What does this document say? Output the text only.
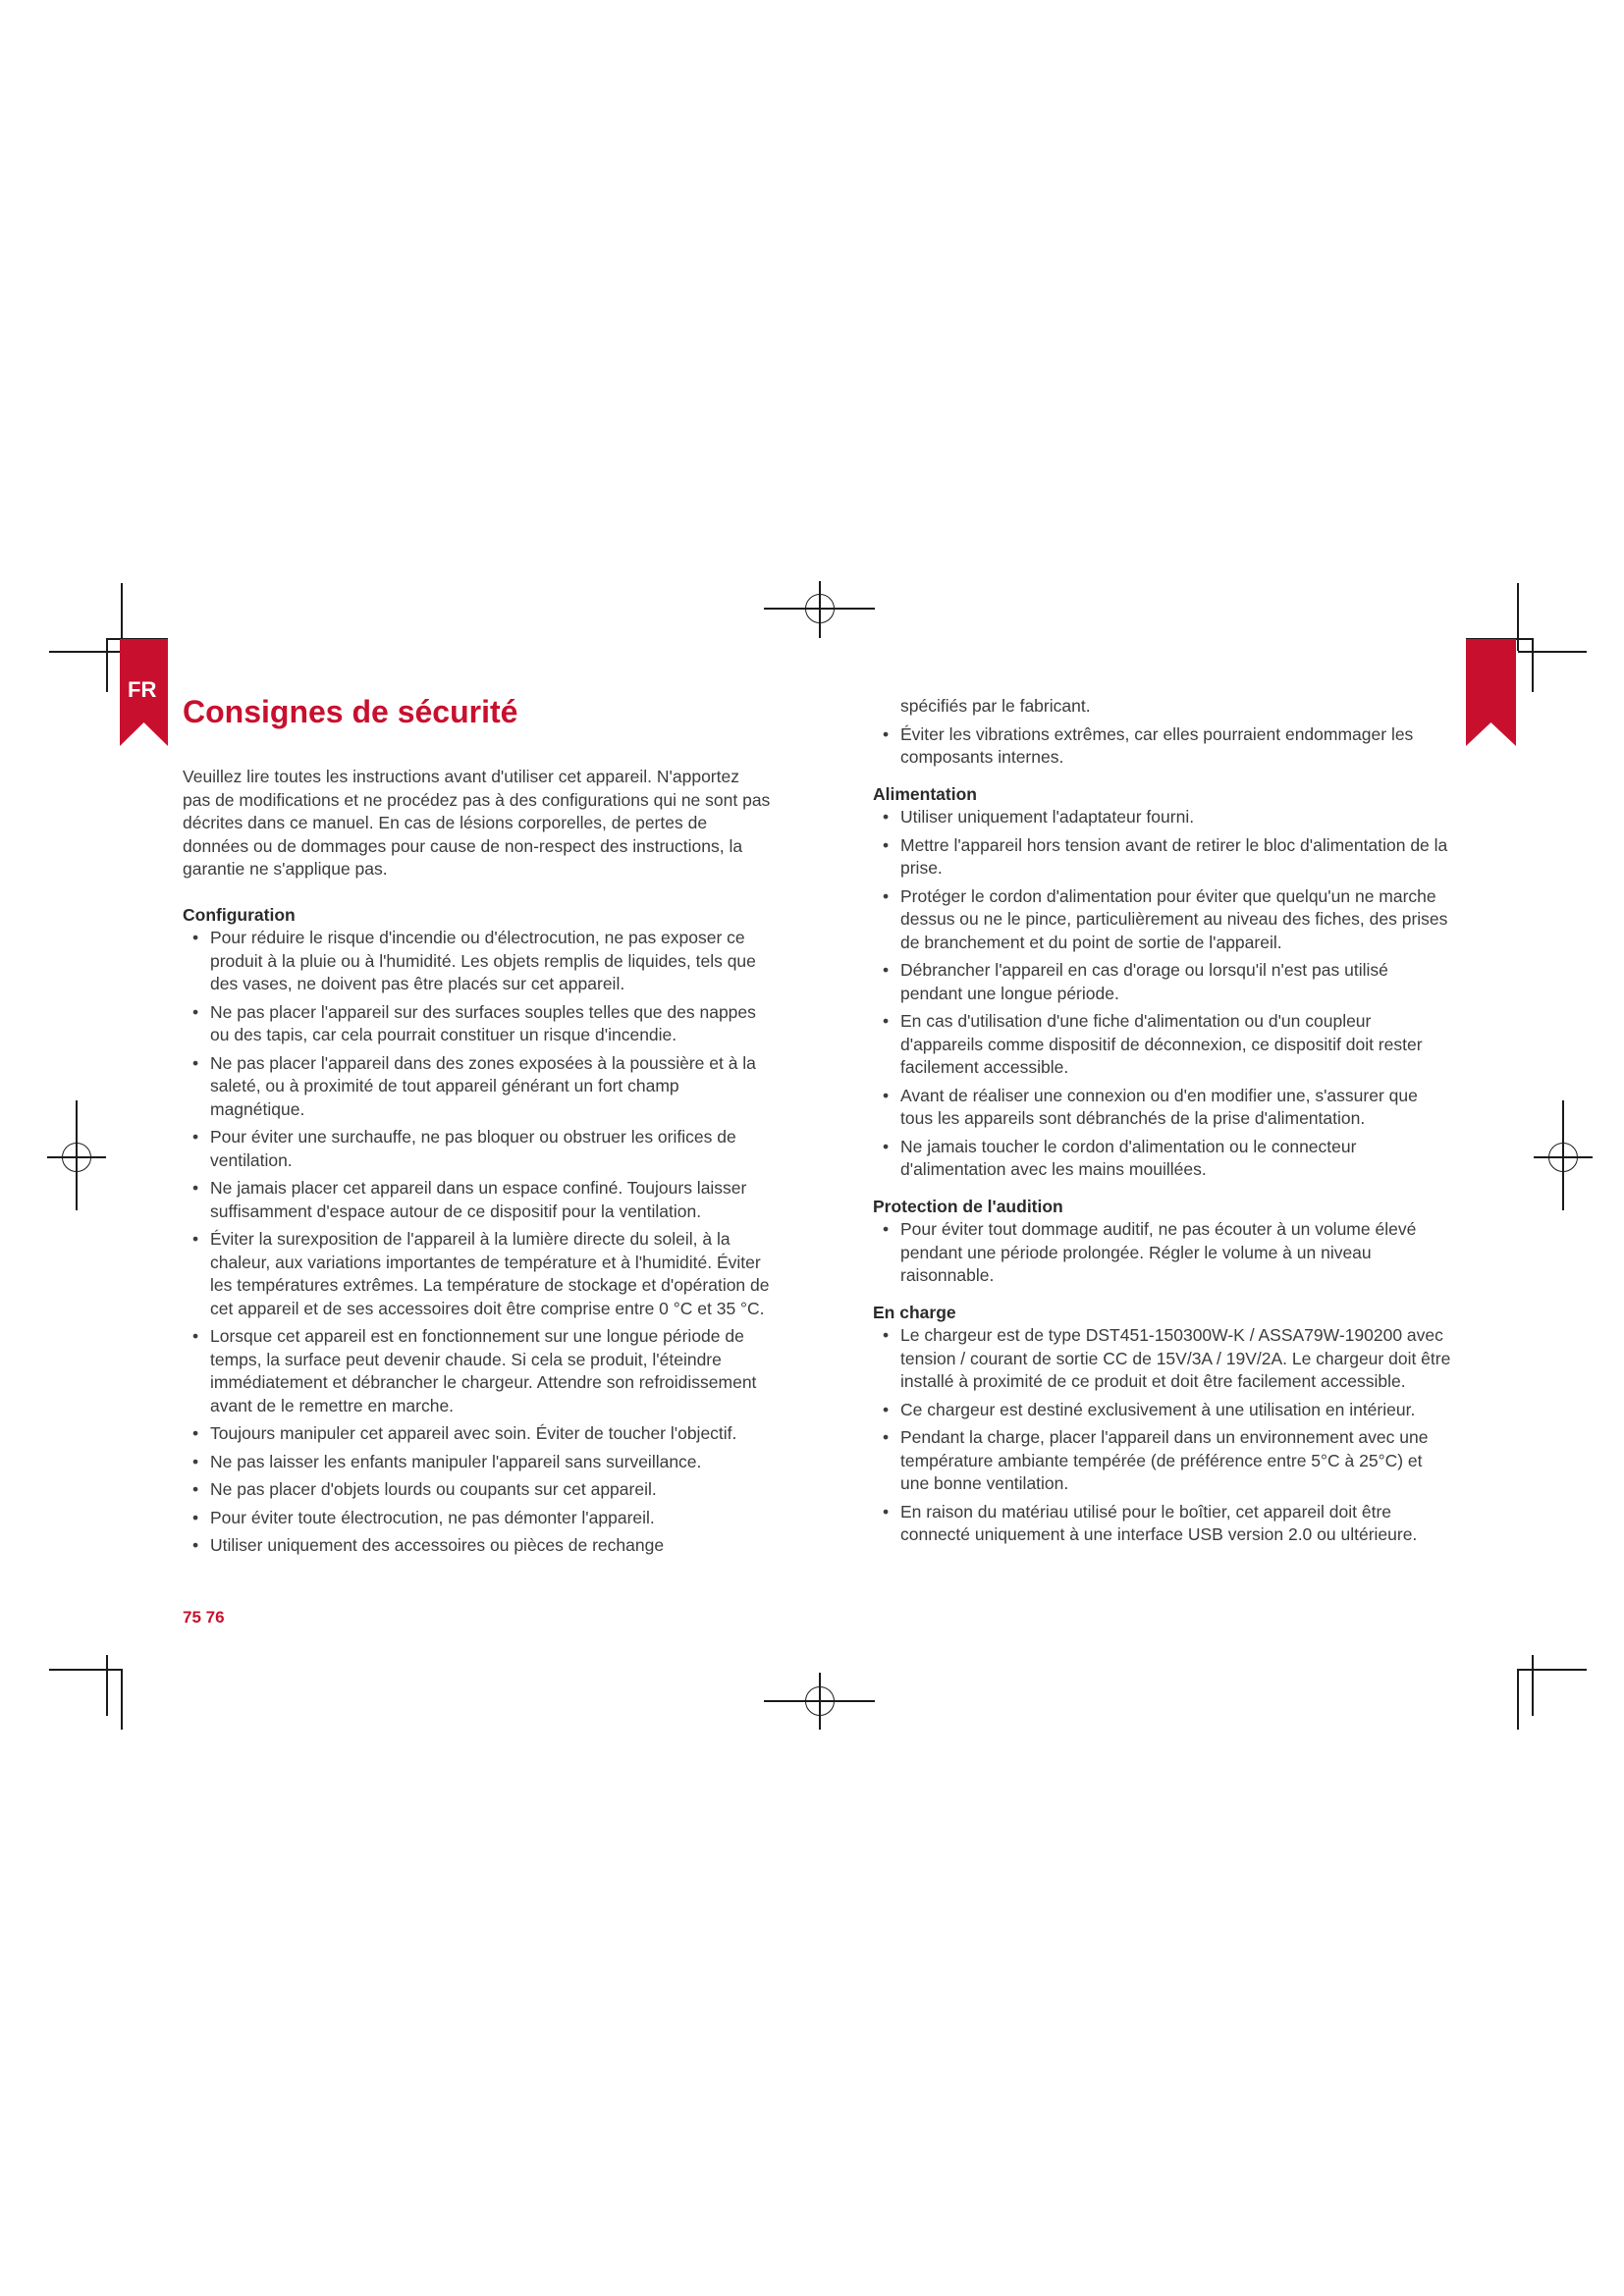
FR
Consignes de sécurité

Veuillez lire toutes les instructions avant d'utiliser cet appareil. N'apportez pas de modifications et ne procédez pas à des configurations qui ne sont pas décrites dans ce manuel. En cas de lésions corporelles, de pertes de données ou de dommages pour cause de non-respect des instructions, la garantie ne s'applique pas.

Configuration

• Pour réduire le risque d'incendie ou d'électrocution, ne pas exposer ce produit à la pluie ou à l'humidité. Les objets remplis de liquides, tels que des vases, ne doivent pas être placés sur cet appareil.
• Ne pas placer l'appareil sur des surfaces souples telles que des nappes ou des tapis, car cela pourrait constituer un risque d'incendie.
• Ne pas placer l'appareil dans des zones exposées à la poussière et à la saleté, ou à proximité de tout appareil générant un fort champ magnétique.
• Pour éviter une surchauffe, ne pas bloquer ou obstruer les orifices de ventilation.
• Ne jamais placer cet appareil dans un espace confiné. Toujours laisser suffisamment d'espace autour de ce dispositif pour la ventilation.
• Éviter la surexposition de l'appareil à la lumière directe du soleil, à la chaleur, aux variations importantes de température et à l'humidité. Éviter les températures extrêmes. La température de stockage et d'opération de cet appareil et de ses accessoires doit être comprise entre 0 °C et 35 °C.
• Lorsque cet appareil est en fonctionnement sur une longue période de temps, la surface peut devenir chaude. Si cela se produit, l'éteindre immédiatement et débrancher le chargeur. Attendre son refroidissement avant de le remettre en marche.
• Toujours manipuler cet appareil avec soin. Éviter de toucher l'objectif.
• Ne pas laisser les enfants manipuler l'appareil sans surveillance.
• Ne pas placer d'objets lourds ou coupants sur cet appareil.
• Pour éviter toute électrocution, ne pas démonter l'appareil.
• Utiliser uniquement des accessoires ou pièces de rechange
75 76

spécifiés par le fabricant.

• Éviter les vibrations extrêmes, car elles pourraient endommager les composants internes.

Alimentation

• Utiliser uniquement l'adaptateur fourni.
• Mettre l'appareil hors tension avant de retirer le bloc d'alimentation de la prise.
• Protéger le cordon d'alimentation pour éviter que quelqu'un ne marche dessus ou ne le pince, particulièrement au niveau des fiches, des prises de branchement et du point de sortie de l'appareil.
• Débrancher l'appareil en cas d'orage ou lorsqu'il n'est pas utilisé pendant une longue période.
• En cas d'utilisation d'une fiche d'alimentation ou d'un coupleur d'appareils comme dispositif de déconnexion, ce dispositif doit rester facilement accessible.
• Avant de réaliser une connexion ou d'en modifier une, s'assurer que tous les appareils sont débranchés de la prise d'alimentation.
• Ne jamais toucher le cordon d'alimentation ou le connecteur d'alimentation avec les mains mouillées.

Protection de l'audition

• Pour éviter tout dommage auditif, ne pas écouter à un volume élevé pendant une période prolongée. Régler le volume à un niveau raisonnable.

En charge

• Le chargeur est de type DST451-150300W-K / ASSA79W-190200 avec tension / courant de sortie CC de 15V/3A / 19V/2A. Le chargeur doit être installé à proximité de ce produit et doit être facilement accessible.
• Ce chargeur est destiné exclusivement à une utilisation en intérieur.
• Pendant la charge, placer l'appareil dans un environnement avec une température ambiante tempérée (de préférence entre 5°C à 25°C) et une bonne ventilation.
• En raison du matériau utilisé pour le boîtier, cet appareil doit être connecté uniquement à une interface USB version 2.0 ou ultérieure.
